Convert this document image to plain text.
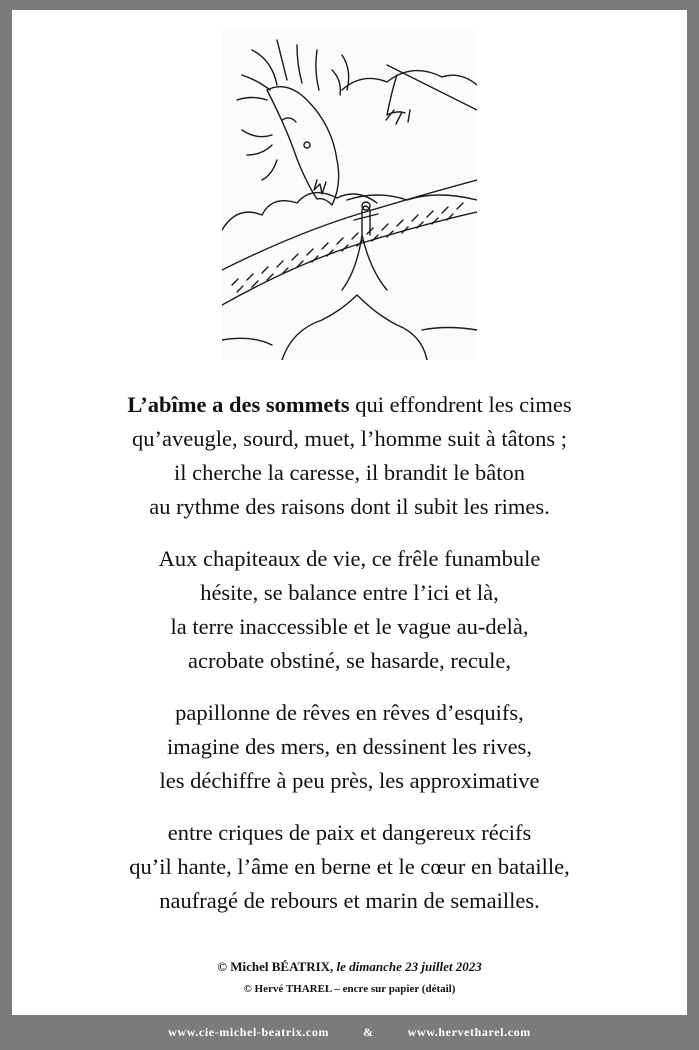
L’abîme a des sommets qui effondrent les cimes
qu’aveugle, sourd, muet, l’homme suit à tâtons ;
il cherche la caresse, il brandit le bâton
au rythme des raisons dont il subit les rimes.
Aux chapiteaux de vie, ce frêle funambule
hésite, se balance entre l’ici et là,
la terre inaccessible et le vague au-delà,
acrobate obstiné, se hasarde, recule,
papillonne de rêves en rêves d’esquifs,
imagine des mers, en dessinent les rives,
les déchiffre à peu près, les approximative
entre criques de paix et dangereux récifs
qu’il hante, l’âme en berne et le cœur en bataille,
naufragé de rebours et marin de semailles.
© Michel BÉATRIX, le dimanche 23 juillet 2023
© Hervé THAREL – encre sur papier (détail)
www.cie-michel-beatrix.com	&	www.hervetharel.com
